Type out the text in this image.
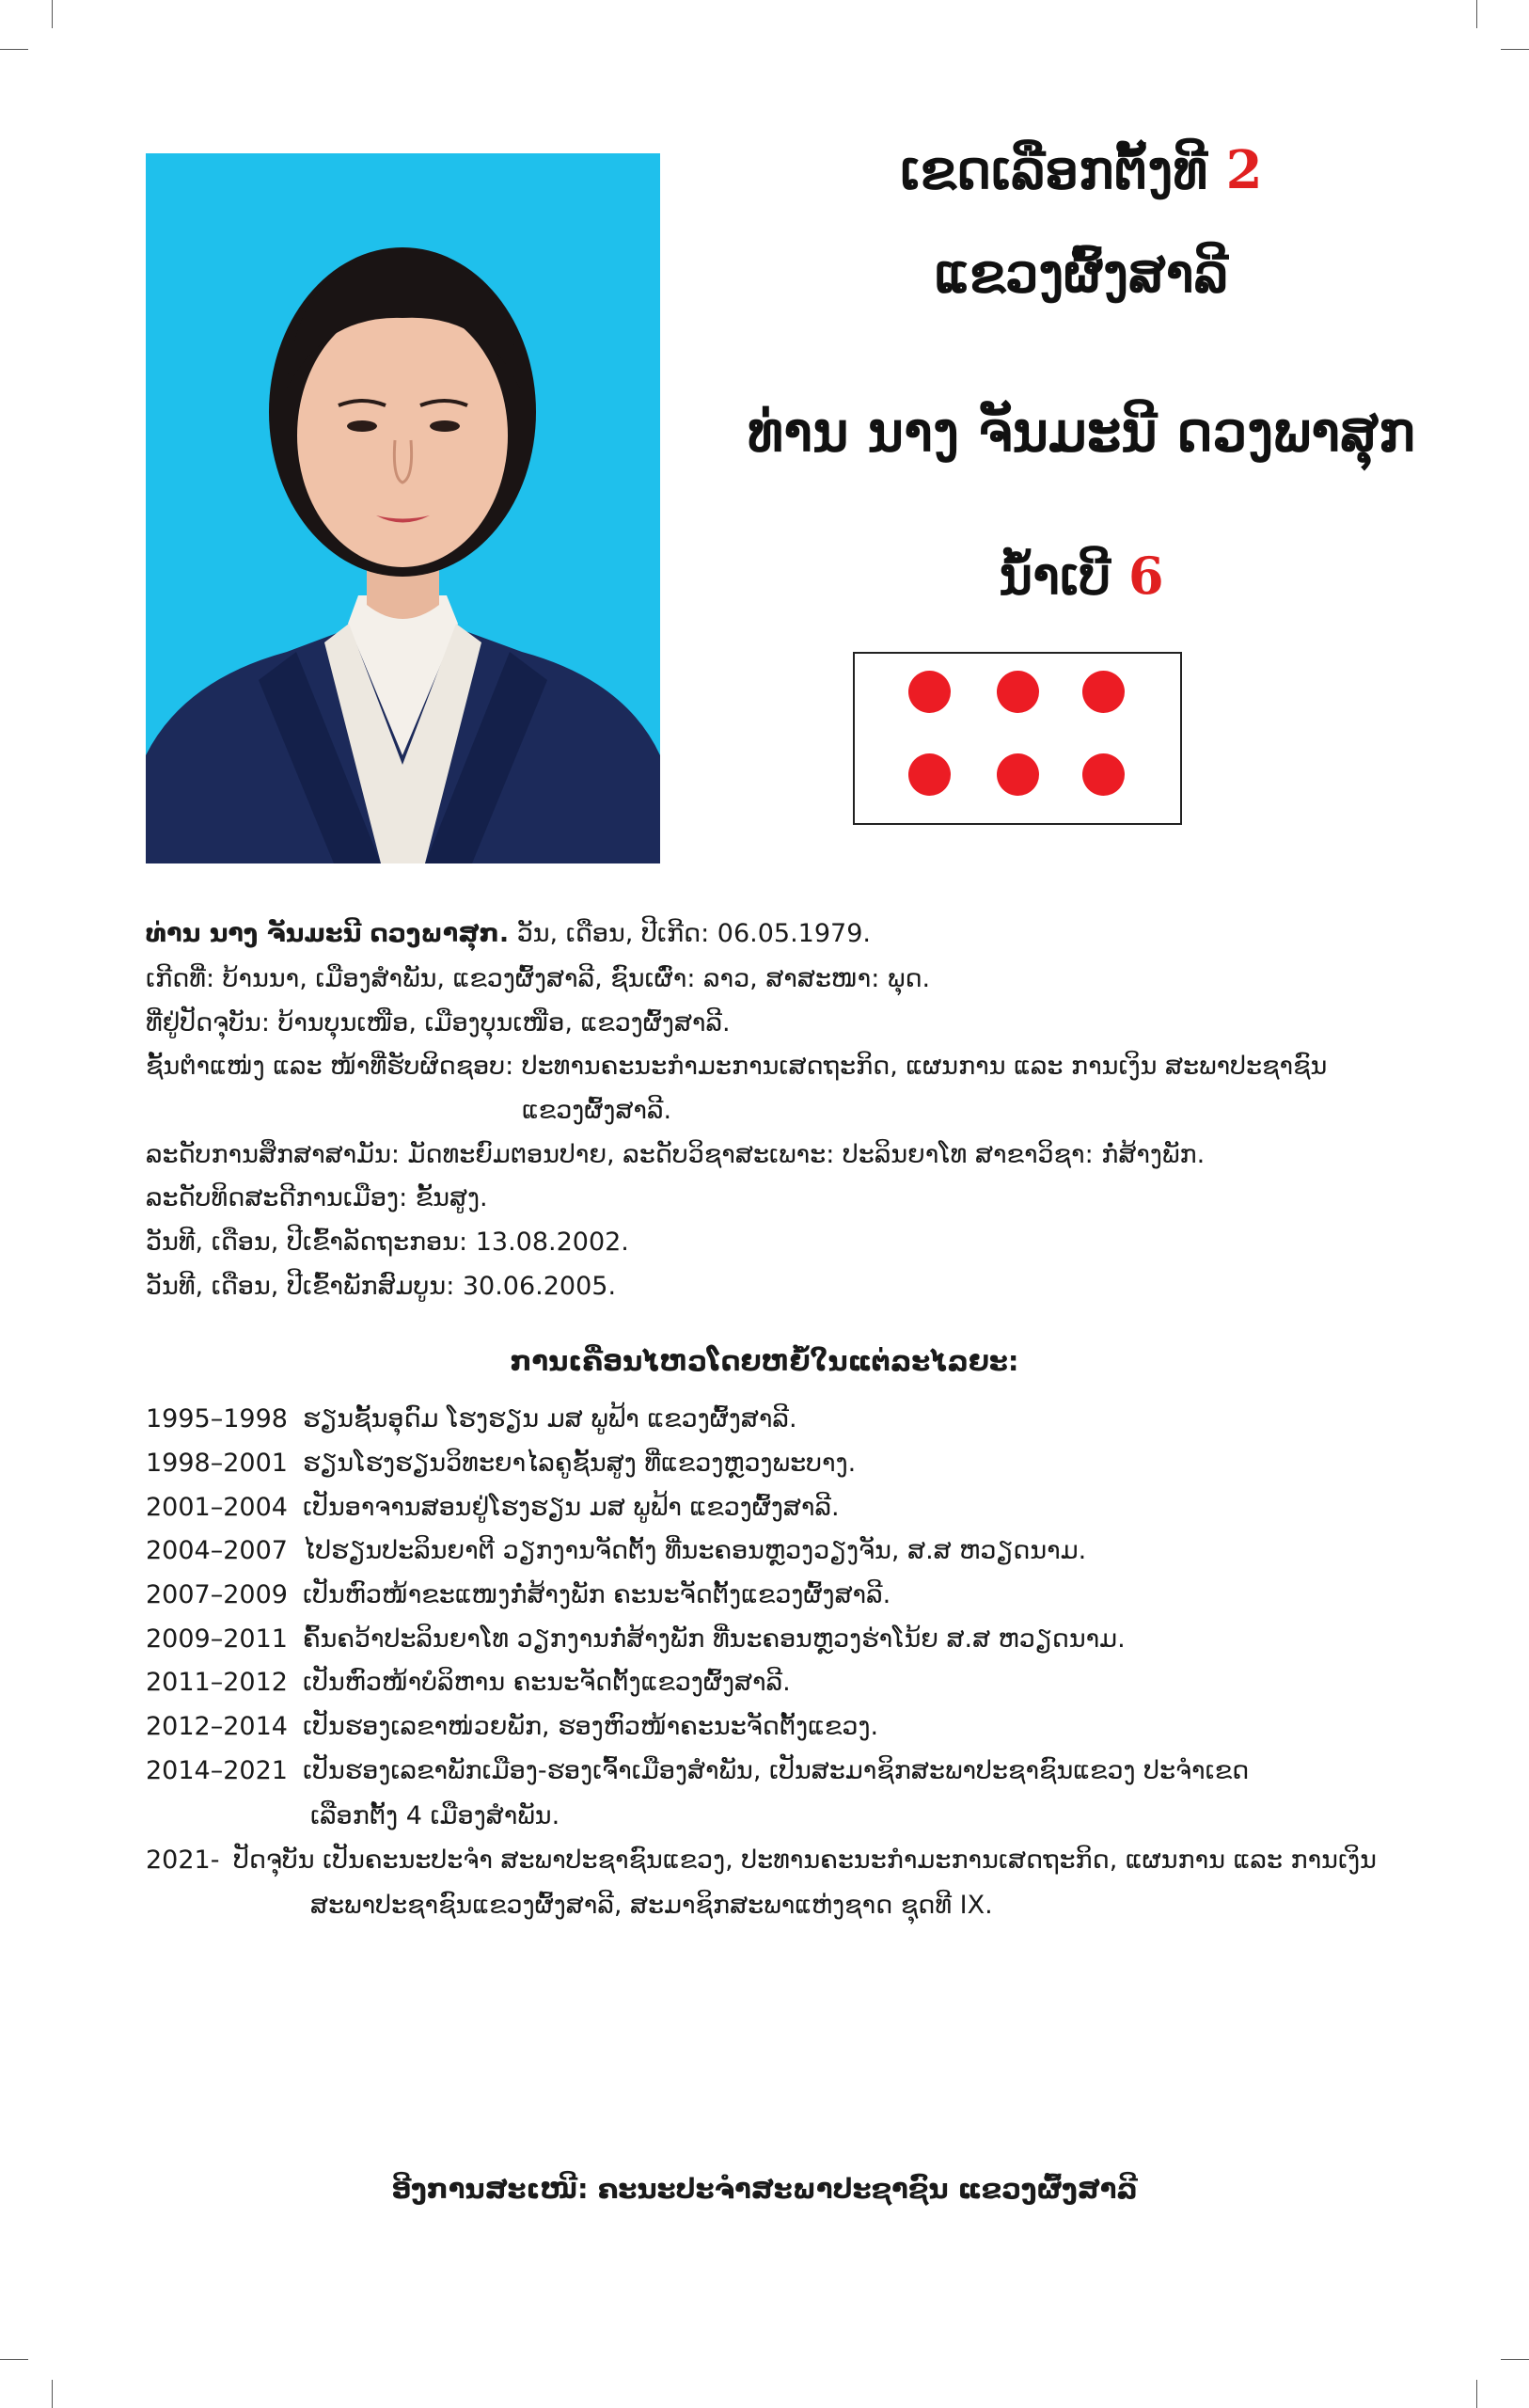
ເຂດເລືອກຕັ້ງທີ 2
ແຂວງຜົ້ງສາລີ
ທ່ານ ນາງ ຈັນມະນີ ດວງພາສຸກ
ນໍ້າເບີ 6
ທ່ານ ນາງ ຈັນມະນີ ດວງພາສຸກ. ວັນ, ເດືອນ, ປີເກີດ: 06.05.1979.
ເກີດທີ່: ບ້ານນາ, ເມືອງສຳພັນ, ແຂວງຜົ້ງສາລີ, ຊົນເຜົ່າ: ລາວ, ສາສະໜາ: ພຸດ.
ທີ່ຢູ່ປັດຈຸບັນ: ບ້ານບຸນເໜືອ, ເມືອງບຸນເໜືອ, ແຂວງຜົ້ງສາລີ.
ຊັ້ນຕຳແໜ່ງ ແລະ ໜ້າທີ່ຮັບຜິດຊອບ: ປະທານຄະນະກຳມະການເສດຖະກິດ, ແຜນການ ແລະ ການເງິນ ສະພາປະຊາຊົນ
ແຂວງຜົ້ງສາລີ.
ລະດັບການສຶກສາສາມັນ: ມັດທະຍົມຕອນປາຍ, ລະດັບວິຊາສະເພາະ: ປະລິນຍາໂທ ສາຂາວິຊາ: ກໍ່ສ້າງພັກ.
ລະດັບທິດສະດີການເມືອງ: ຂັ້ນສູງ.
ວັນທີ, ເດືອນ, ປີເຂົ້າລັດຖະກອນ: 13.08.2002.
ວັນທີ, ເດືອນ, ປີເຂົ້າພັກສົມບູນ: 30.06.2005.
ການເຄື່ອນໄຫວໂດຍຫຍໍ້ໃນແຕ່ລະໄລຍະ:
1995–1998 ຮຽນຊັ້ນອຸດົມ ໂຮງຮຽນ ມສ ພູຟ້າ ແຂວງຜົ້ງສາລີ.
1998–2001 ຮຽນໂຮງຮຽນວິທະຍາໄລຄູຊັ້ນສູງ ທີ່ແຂວງຫຼວງພະບາງ.
2001–2004 ເປັນອາຈານສອນຢູ່ໂຮງຮຽນ ມສ ພູຟ້າ ແຂວງຜົ້ງສາລີ.
2004–2007 ໄປຮຽນປະລິນຍາຕີ ວຽກງານຈັດຕັ້ງ ທີ່ນະຄອນຫຼວງວຽງຈັນ, ສ.ສ ຫວຽດນາມ.
2007–2009 ເປັນຫົວໜ້າຂະແໜງກໍ່ສ້າງພັກ ຄະນະຈັດຕັ້ງແຂວງຜົ້ງສາລີ.
2009–2011 ຄົ້ນຄວ້າປະລິນຍາໂທ ວຽກງານກໍ່ສ້າງພັກ ທີ່ນະຄອນຫຼວງຮ່າໂນ້ຍ ສ.ສ ຫວຽດນາມ.
2011–2012 ເປັນຫົວໜ້າບໍລິຫານ ຄະນະຈັດຕັ້ງແຂວງຜົ້ງສາລີ.
2012–2014 ເປັນຮອງເລຂາໜ່ວຍພັກ, ຮອງຫົວໜ້າຄະນະຈັດຕັ້ງແຂວງ.
2014–2021 ເປັນຮອງເລຂາພັກເມືອງ-ຮອງເຈົ້າເມືອງສຳພັນ, ເປັນສະມາຊິກສະພາປະຊາຊົນແຂວງ ປະຈຳເຂດ
ເລືອກຕັ້ງ 4 ເມືອງສຳພັນ.
2021- ປັດຈຸບັນ ເປັນຄະນະປະຈຳ ສະພາປະຊາຊົນແຂວງ, ປະທານຄະນະກຳມະການເສດຖະກິດ, ແຜນການ ແລະ ການເງິນ
ສະພາປະຊາຊົນແຂວງຜົ້ງສາລີ, ສະມາຊິກສະພາແຫ່ງຊາດ ຊຸດທີ IX.
ອີງການສະເໜີ: ຄະນະປະຈຳສະພາປະຊາຊົນ ແຂວງຜົ້ງສາລີ
